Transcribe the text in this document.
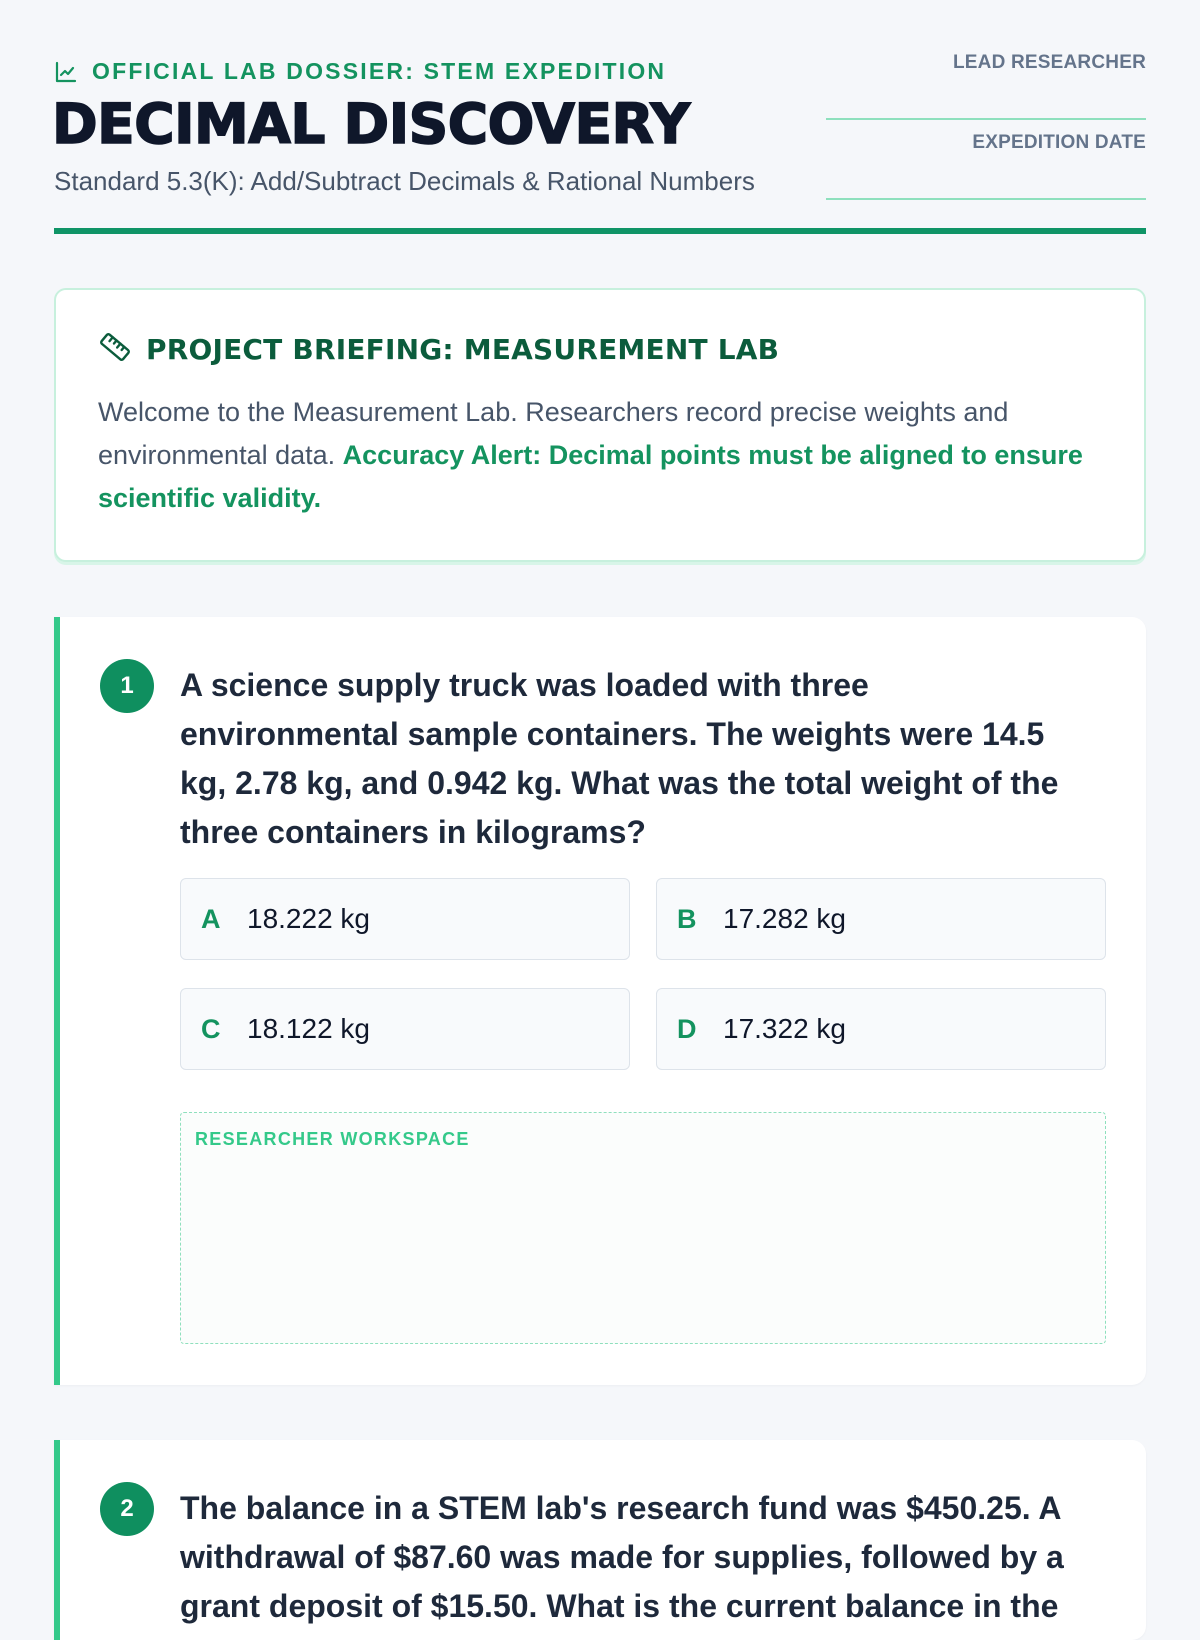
OFFICIAL LAB DOSSIER: STEM EXPEDITION
DECIMAL DISCOVERY
Standard 5.3(K): Add/Subtract Decimals & Rational Numbers
LEAD RESEARCHER
EXPEDITION DATE
PROJECT BRIEFING: MEASUREMENT LAB

Welcome to the Measurement Lab. Researchers record precise weights and environmental data. Accuracy Alert: Decimal points must be aligned to ensure scientific validity.

1	A science supply truck was loaded with three environmental sample containers. The weights were 14.5 kg, 2.78 kg, and 0.942 kg. What was the total weight of the three containers in kilograms?

A 18.222 kg	B 17.282 kg
C 18.122 kg	D 17.322 kg
RESEARCHER WORKSPACE
2	The balance in a STEM lab's research fund was $450.25. A withdrawal of $87.60 was made for supplies, followed by a grant deposit of $15.50. What is the current balance in the
